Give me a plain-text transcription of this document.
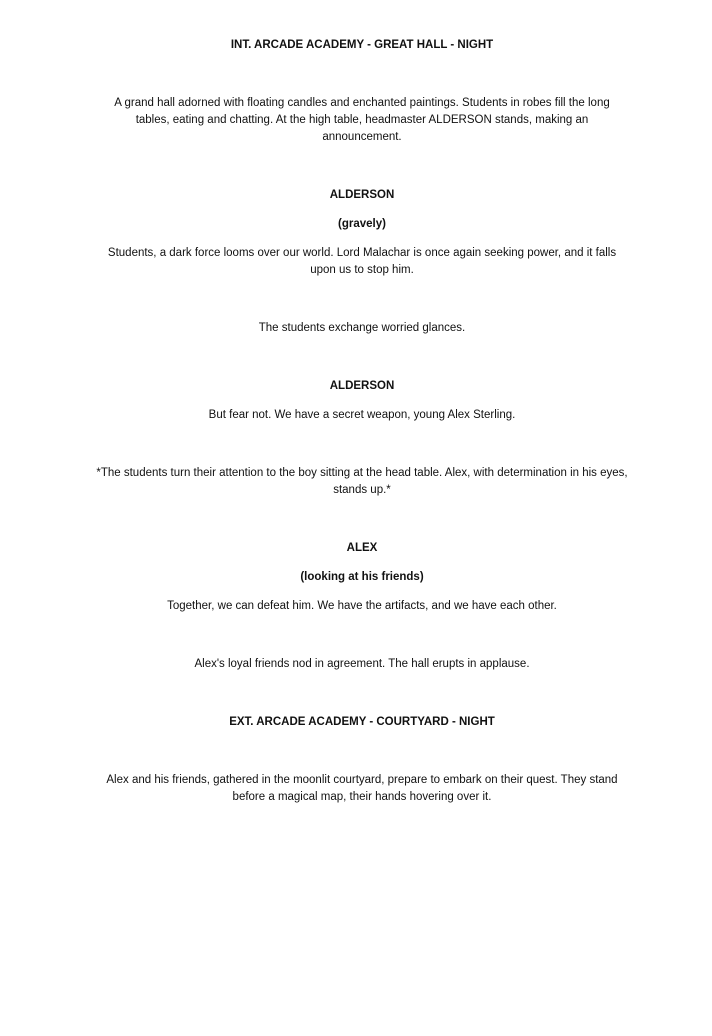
INT. ARCADE ACADEMY - GREAT HALL - NIGHT

A grand hall adorned with floating candles and enchanted paintings. Students in robes fill the long tables, eating and chatting. At the high table, headmaster ALDERSON stands, making an announcement.

ALDERSON

(gravely)

Students, a dark force looms over our world. Lord Malachar is once again seeking power, and it falls upon us to stop him.

The students exchange worried glances.

ALDERSON

But fear not. We have a secret weapon, young Alex Sterling.

*The students turn their attention to the boy sitting at the head table. Alex, with determination in his eyes, stands up.*

ALEX

(looking at his friends)

Together, we can defeat him. We have the artifacts, and we have each other.

Alex's loyal friends nod in agreement. The hall erupts in applause.

EXT. ARCADE ACADEMY - COURTYARD - NIGHT

Alex and his friends, gathered in the moonlit courtyard, prepare to embark on their quest. They stand before a magical map, their hands hovering over it.
